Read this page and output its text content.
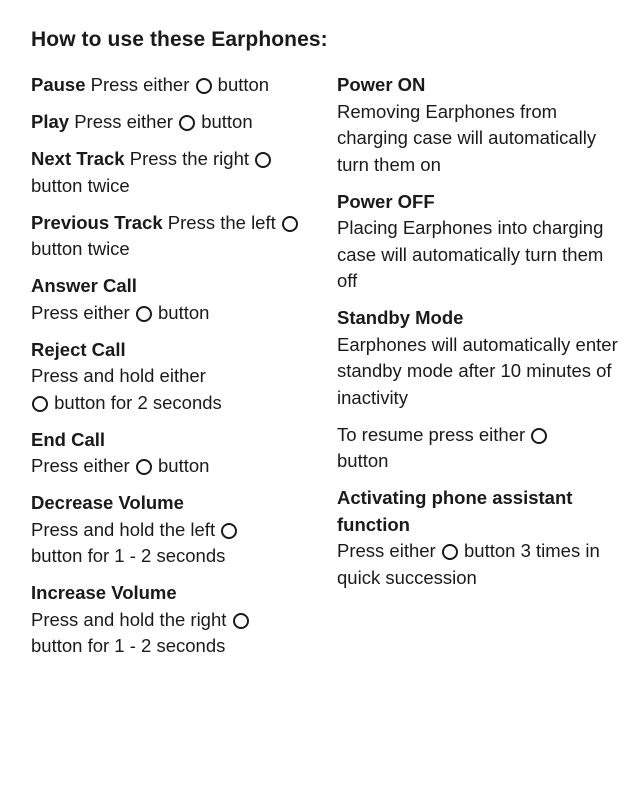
How to use these Earphones:
Pause Press either button
Play Press either button
Next Track Press the right
button twice
Previous Track Press the left  button twice
Answer Call
Press either button
Reject Call
Press and hold either
button for 2 seconds
End Call
Press either button
Decrease Volume
Press and hold the left
button for 1 - 2 seconds
Increase Volume
Press and hold the right
button for 1 - 2 seconds
Power ON
Removing Earphones from charging case will automatically turn them on
Power OFF
Placing Earphones into charging case will automatically turn them off
Standby Mode
Earphones will automatically enter standby mode after 10 minutes of inactivity
To resume press either
button
Activating phone assistant function
Press either button 3 times in quick succession
